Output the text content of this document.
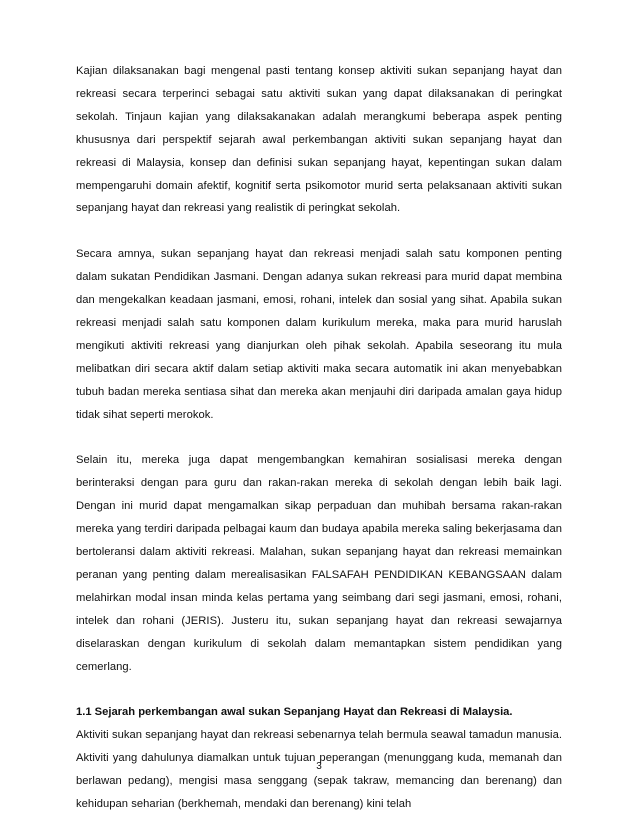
Kajian dilaksanakan bagi mengenal pasti tentang konsep aktiviti sukan sepanjang hayat dan rekreasi secara terperinci sebagai satu aktiviti sukan yang dapat dilaksanakan di peringkat sekolah. Tinjaun kajian yang dilaksakanakan adalah merangkumi beberapa aspek penting khususnya dari perspektif sejarah awal perkembangan aktiviti sukan sepanjang hayat dan rekreasi di Malaysia, konsep dan definisi sukan sepanjang hayat, kepentingan sukan dalam mempengaruhi domain afektif, kognitif serta psikomotor murid serta pelaksanaan aktiviti sukan sepanjang hayat dan rekreasi yang realistik di peringkat sekolah.

Secara amnya, sukan sepanjang hayat dan rekreasi menjadi salah satu komponen penting dalam sukatan Pendidikan Jasmani. Dengan adanya sukan rekreasi para murid dapat membina dan mengekalkan keadaan jasmani, emosi, rohani, intelek dan sosial yang sihat. Apabila sukan rekreasi menjadi salah satu komponen dalam kurikulum mereka, maka para murid haruslah mengikuti aktiviti rekreasi yang dianjurkan oleh pihak sekolah. Apabila seseorang itu mula melibatkan diri secara aktif dalam setiap aktiviti maka secara automatik ini akan menyebabkan tubuh badan mereka sentiasa sihat dan mereka akan menjauhi diri daripada amalan gaya hidup tidak sihat seperti merokok.

Selain itu, mereka juga dapat mengembangkan kemahiran sosialisasi mereka dengan berinteraksi dengan para guru dan rakan-rakan mereka di sekolah dengan lebih baik lagi. Dengan ini murid dapat mengamalkan sikap perpaduan dan muhibah bersama rakan-rakan mereka yang terdiri daripada pelbagai kaum dan budaya apabila mereka saling bekerjasama dan bertoleransi dalam aktiviti rekreasi. Malahan, sukan sepanjang hayat dan rekreasi memainkan peranan yang penting dalam merealisasikan FALSAFAH PENDIDIKAN KEBANGSAAN dalam melahirkan modal insan minda kelas pertama yang seimbang dari segi jasmani, emosi, rohani, intelek dan rohani (JERIS). Justeru itu, sukan sepanjang hayat dan rekreasi sewajarnya diselaraskan dengan kurikulum di sekolah dalam memantapkan sistem pendidikan yang cemerlang.

1.1 Sejarah perkembangan awal sukan Sepanjang Hayat dan Rekreasi di Malaysia.

Aktiviti sukan sepanjang hayat dan rekreasi sebenarnya telah bermula seawal tamadun manusia. Aktiviti yang dahulunya diamalkan untuk tujuan peperangan (menunggang kuda, memanah dan berlawan pedang), mengisi masa senggang (sepak takraw, memancing dan berenang) dan kehidupan seharian (berkhemah, mendaki dan berenang) kini telah

3
